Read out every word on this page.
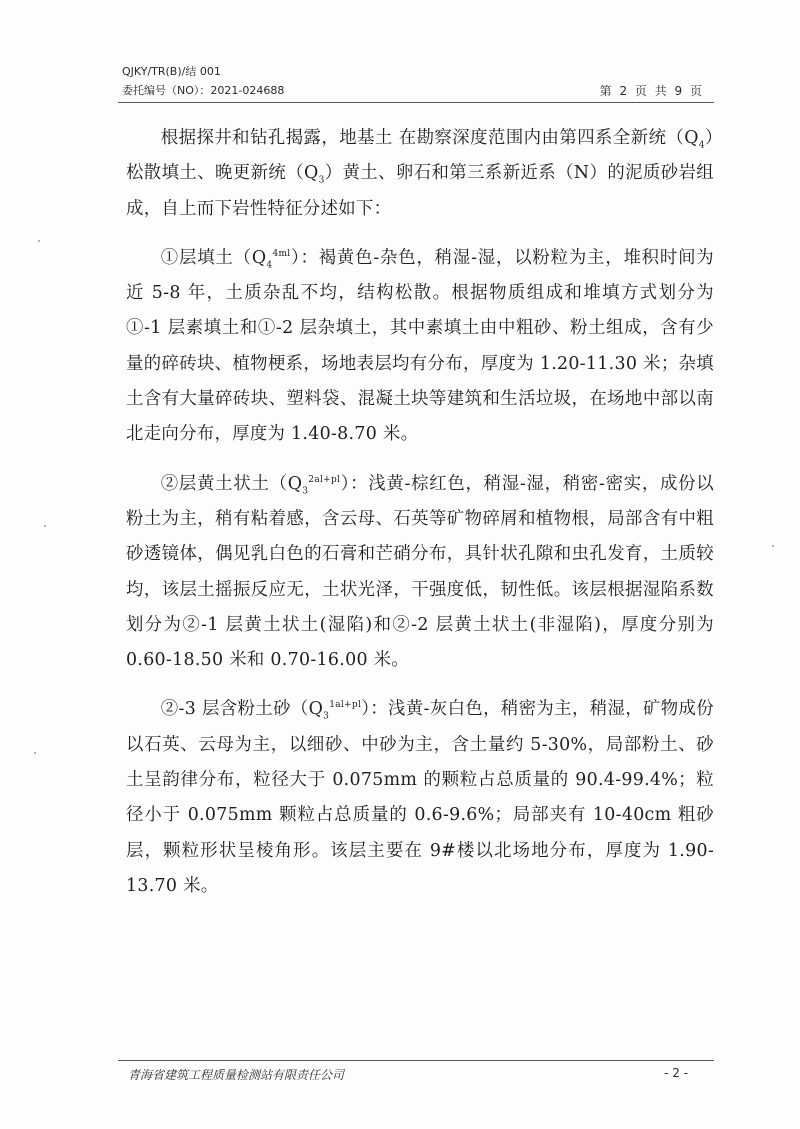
QJKY/TR(B)/结 001
委托编号（NO）：2021-024688	第 2 页 共 9 页

根据探井和钻孔揭露，地基土 在勘察深度范围内由第四系全新统$(Q_4)$松散填土、晚更新统$(Q_3)$黄土、卵石和第三系新近系（N）的泥质砂岩组成，自上而下岩性特征分述如下：

①层填土$(Q_4^{4ml})$：褐黄色-杂色，稍湿-湿，以粉粒为主，堆积时间为近 5-8 年，土质杂乱不均，结构松散。根据物质组成和堆填方式划分为①-1 层素填土和①-2 层杂填土，其中素填土由中粗砂、粉土组成，含有少量的碎砖块、植物梗系，场地表层均有分布，厚度为 1.20-11.30 米；杂填土含有大量碎砖块、塑料袋、混凝土块等建筑和生活垃圾，在场地中部以南北走向分布，厚度为 1.40-8.70 米。

②层黄土状土$(Q_3^{2al+pl})$：浅黄-棕红色，稍湿-湿，稍密-密实，成份以粉土为主，稍有粘着感，含云母、石英等矿物碎屑和植物根，局部含有中粗砂透镜体，偶见乳白色的石膏和芒硝分布，具针状孔隙和虫孔发育，土质较均，该层土摇振反应无，土状光泽，干强度低，韧性低。该层根据湿陷系数划分为②-1 层黄土状土(湿陷)和②-2 层黄土状土(非湿陷)，厚度分别为 0.60-18.50 米和 0.70-16.00 米。

②-3 层含粉土砂$(Q_3^{1al+pl})$：浅黄-灰白色，稍密为主，稍湿，矿物成份以石英、云母为主，以细砂、中砂为主，含土量约 5-30%，局部粉土、砂土呈韵律分布，粒径大于 0.075mm 的颗粒占总质量的 90.4-99.4%；粒径小于 0.075mm 颗粒占总质量的 0.6-9.6%；局部夹有 10-40cm 粗砂层，颗粒形状呈棱角形。该层主要在 9#楼以北场地分布，厚度为 1.90-13.70 米。

青海省建筑工程质量检测站有限责任公司	- 2 -
